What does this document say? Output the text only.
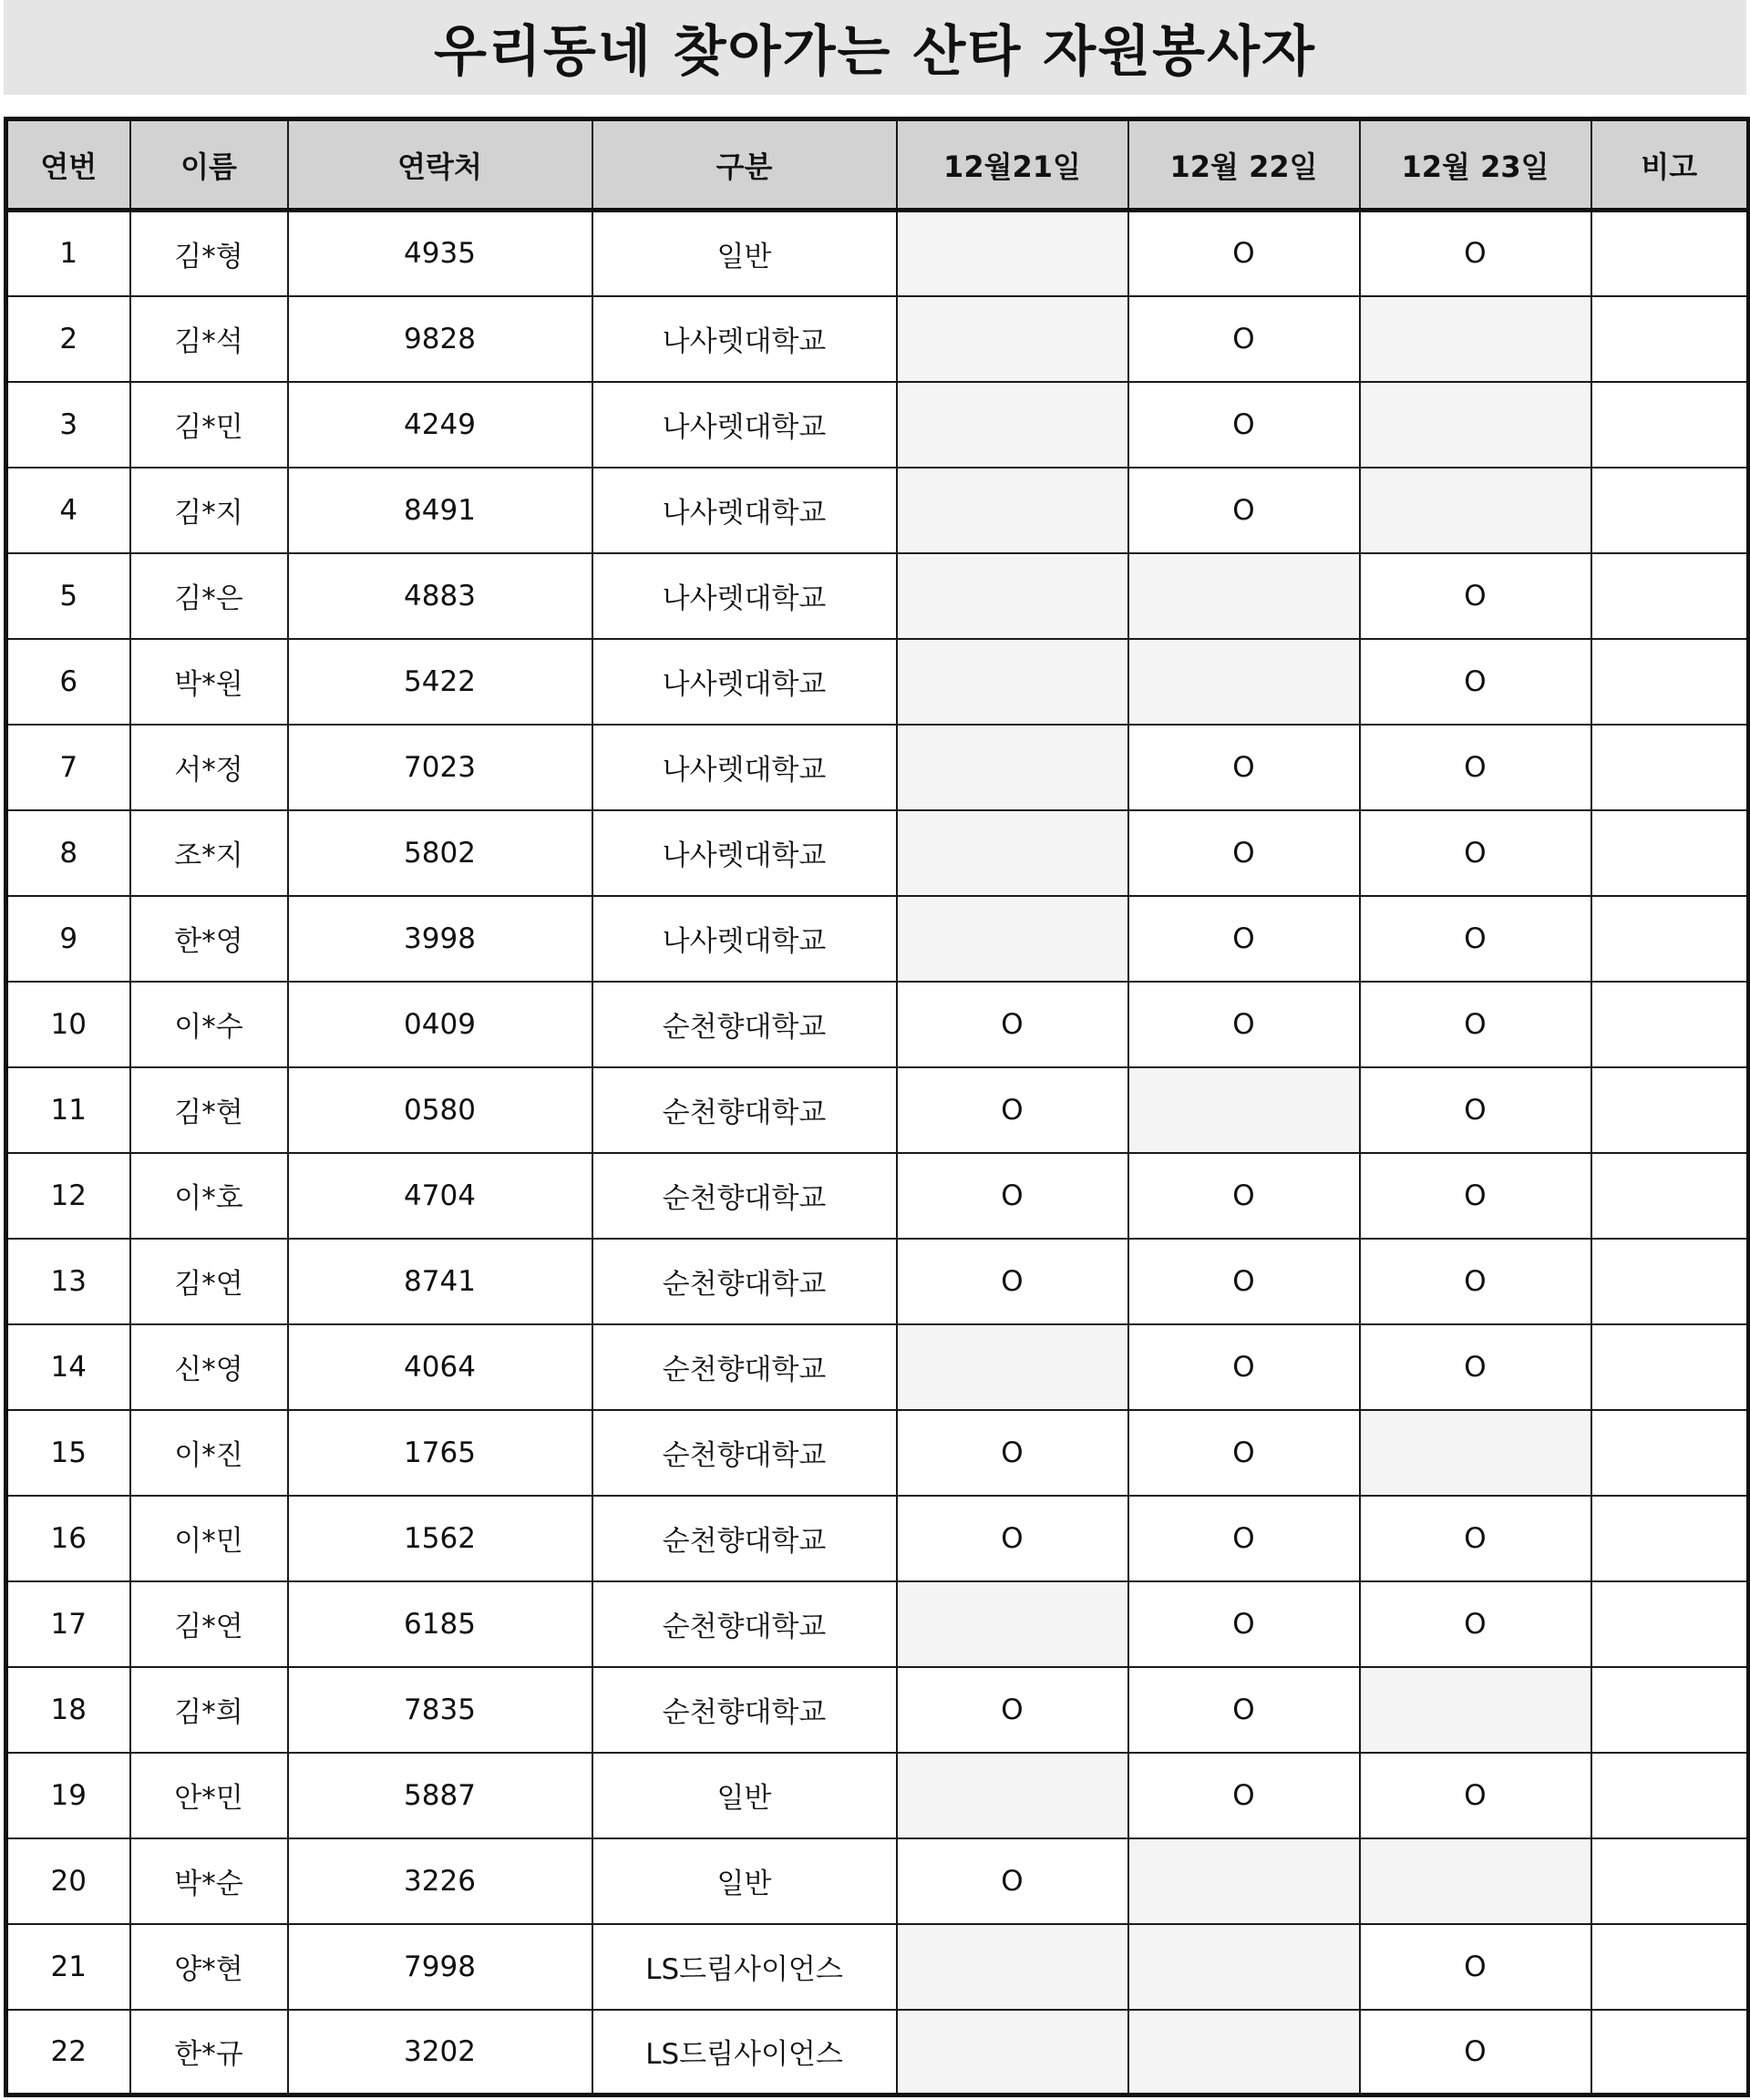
우리동네 찾아가는 산타 자원봉사자
연번	이름	연락처	구분	12월21일	12월 22일	12월 23일	비고
1	김*형	4935	일반		O	O	
2	김*석	9828	나사렛대학교		O		
3	김*민	4249	나사렛대학교		O		
4	김*지	8491	나사렛대학교		O		
5	김*은	4883	나사렛대학교			O	
6	박*원	5422	나사렛대학교			O	
7	서*정	7023	나사렛대학교		O	O	
8	조*지	5802	나사렛대학교		O	O	
9	한*영	3998	나사렛대학교		O	O	
10	이*수	0409	순천향대학교	O	O	O	
11	김*현	0580	순천향대학교	O		O	
12	이*호	4704	순천향대학교	O	O	O	
13	김*연	8741	순천향대학교	O	O	O	
14	신*영	4064	순천향대학교		O	O	
15	이*진	1765	순천향대학교	O	O		
16	이*민	1562	순천향대학교	O	O	O	
17	김*연	6185	순천향대학교		O	O	
18	김*희	7835	순천향대학교	O	O		
19	안*민	5887	일반		O	O	
20	박*순	3226	일반	O			
21	양*현	7998	LS드림사이언스			O	
22	한*규	3202	LS드림사이언스			O	
